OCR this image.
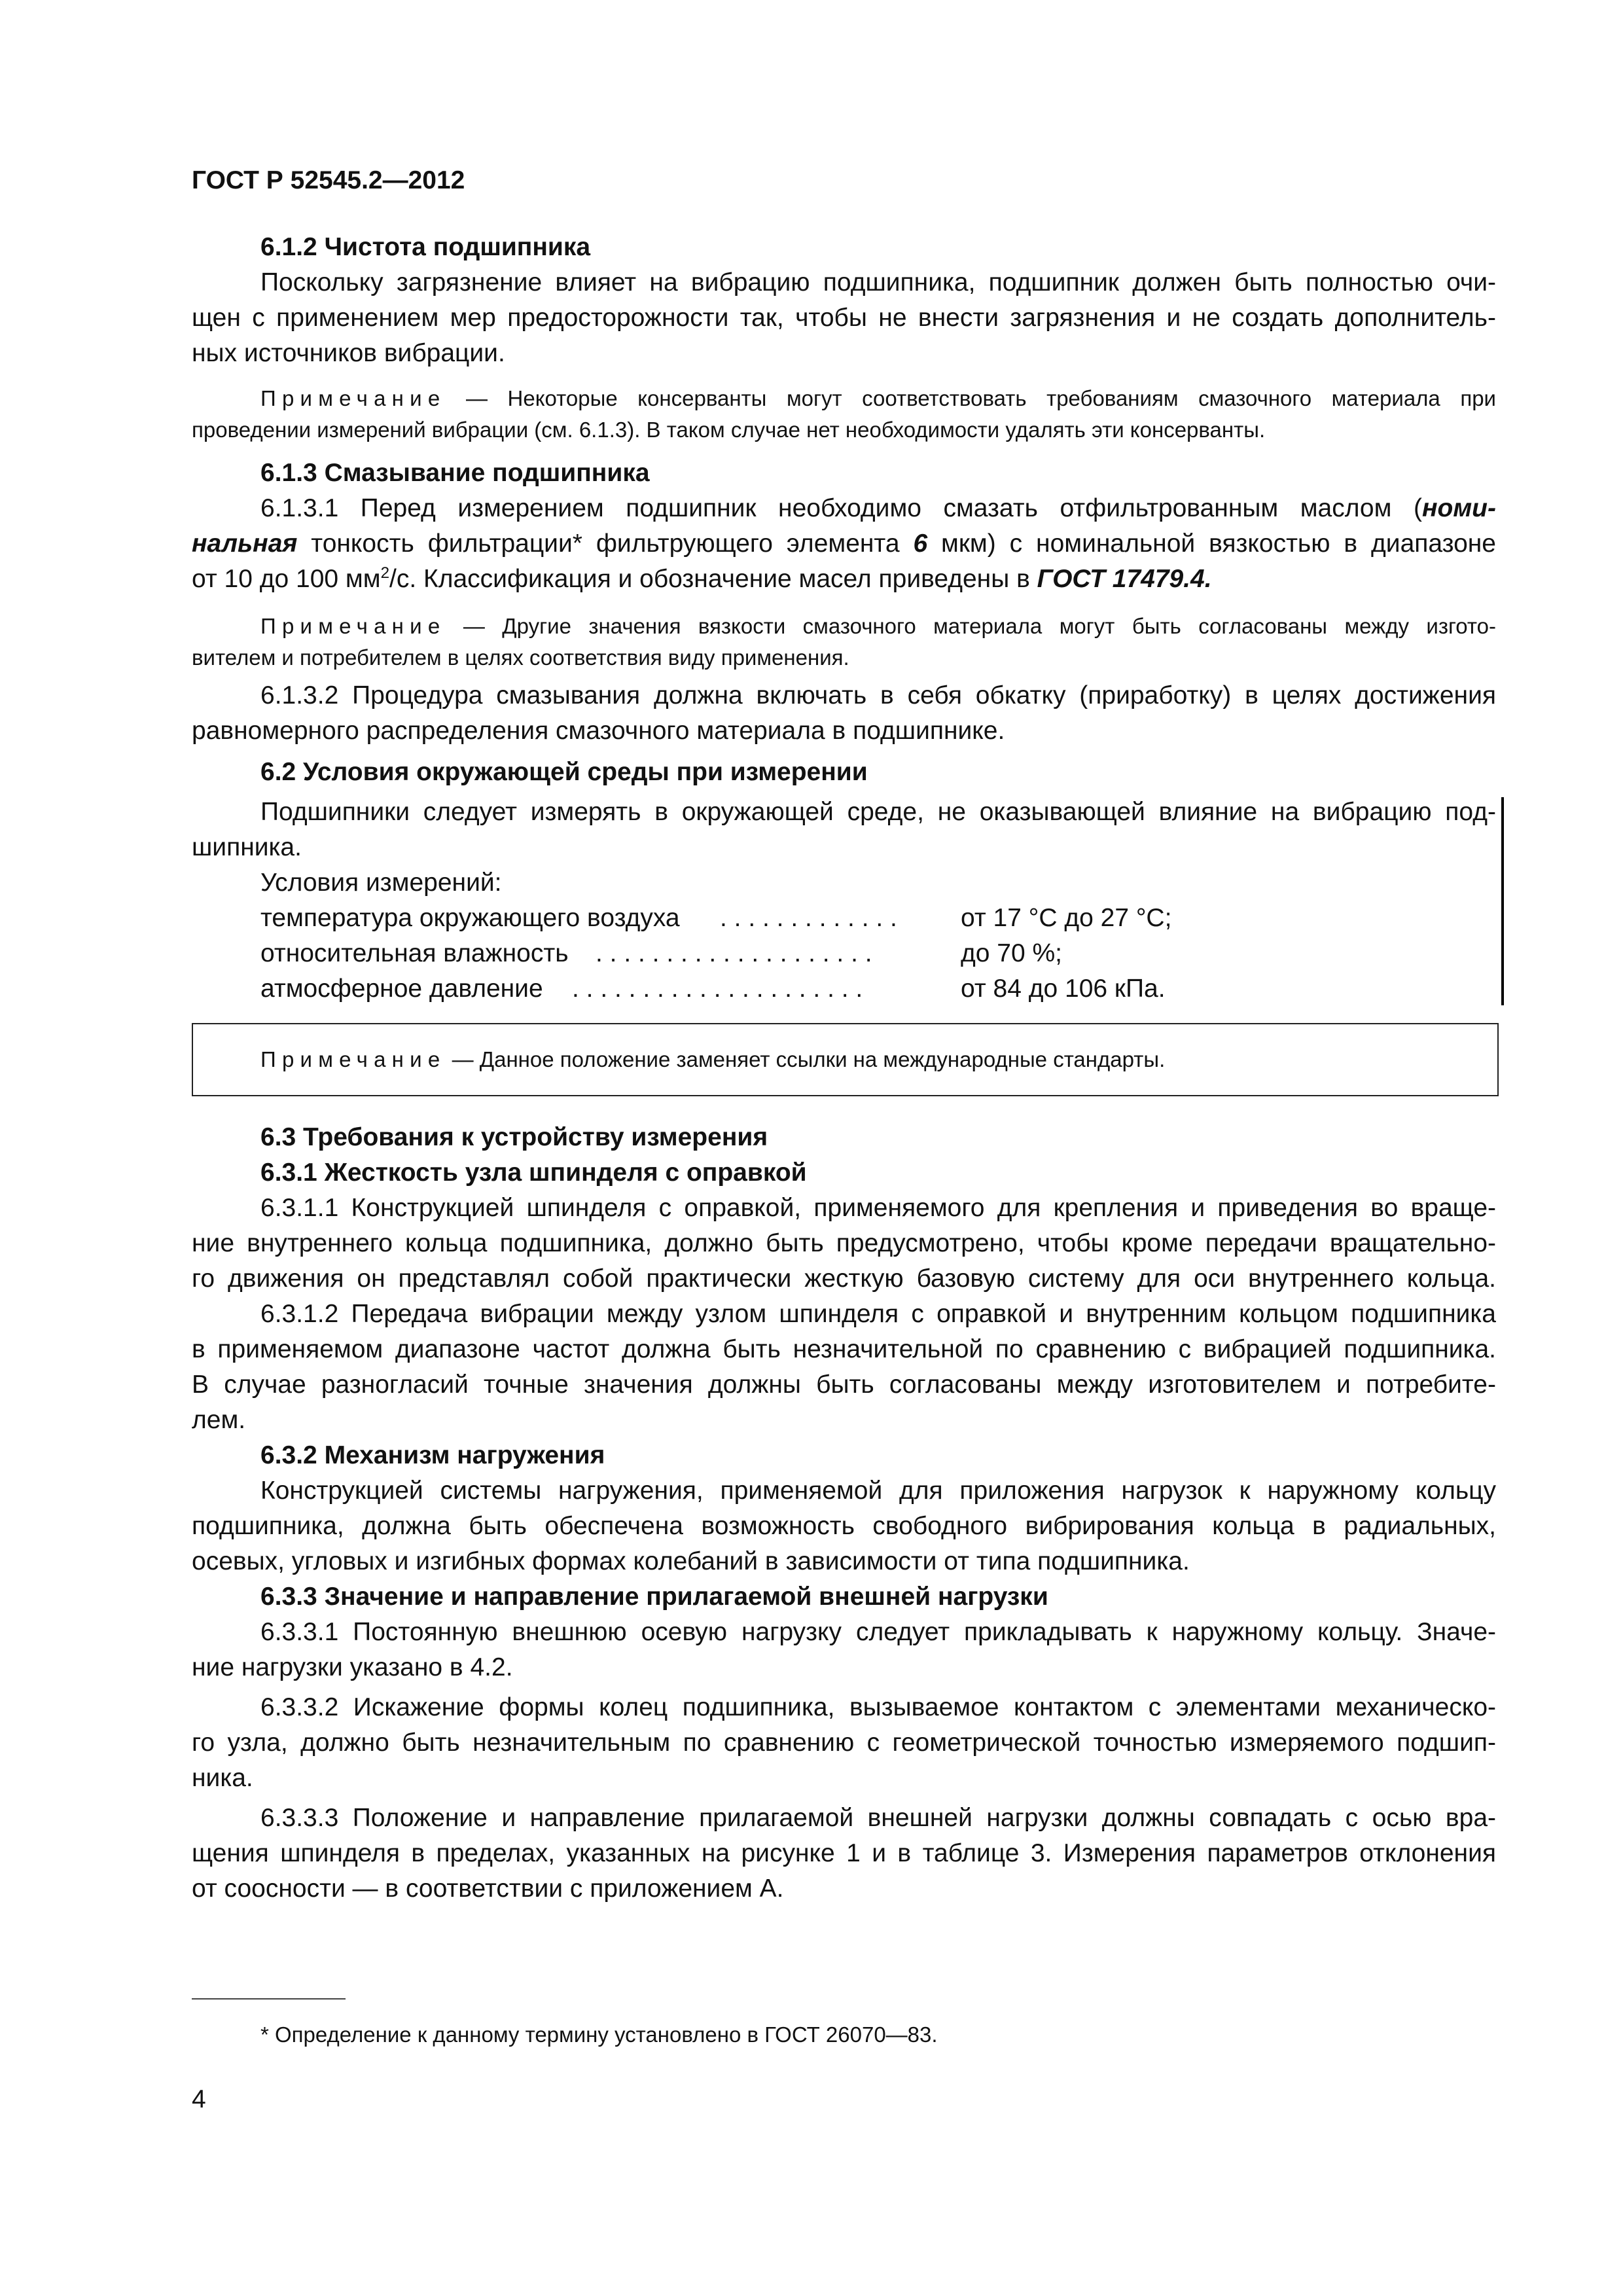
ГОСТ Р 52545.2—2012
6.1.2 Чистота подшипника
Поскольку загрязнение влияет на вибрацию подшипника, подшипник должен быть полностью очи-
щен с применением мер предосторожности так, чтобы не внести загрязнения и не создать дополнитель-
ных источников вибрации.
Примечание — Некоторые консерванты могут соответствовать требованиям смазочного материала при
проведении измерений вибрации (см. 6.1.3). В таком случае нет необходимости удалять эти консерванты.
6.1.3 Смазывание подшипника
6.1.3.1 Перед измерением подшипник необходимо смазать отфильтрованным маслом (номи-
нальная тонкость фильтрации* фильтрующего элемента 6 мкм) с номинальной вязкостью в диапазоне
от 10 до 100 $мм^2/с$. Классификация и обозначение масел приведены в ГОСТ 17479.4.
Примечание — Другие значения вязкости смазочного материала могут быть согласованы между изгото-
вителем и потребителем в целях соответствия виду применения.
6.1.3.2 Процедура смазывания должна включать в себя обкатку (приработку) в целях достижения
равномерного распределения смазочного материала в подшипнике.
6.2 Условия окружающей среды при измерении
Подшипники следует измерять в окружающей среде, не оказывающей влияние на вибрацию под-
шипника.
Условия измерений:
температура окружающего воздуха . . . . . . . . . . . . .	от 17 °С до 27 °С;
относительная влажность . . . . . . . . . . . . . . . . . . . .	до 70 %;
атмосферное давление . . . . . . . . . . . . . . . . . . . . .	от 84 до 106 кПа.
Примечание — Данное положение заменяет ссылки на международные стандарты.
6.3 Требования к устройству измерения
6.3.1 Жесткость узла шпинделя с оправкой
6.3.1.1 Конструкцией шпинделя с оправкой, применяемого для крепления и приведения во враще-
ние внутреннего кольца подшипника, должно быть предусмотрено, чтобы кроме передачи вращательно-
го движения он представлял собой практически жесткую базовую систему для оси внутреннего кольца.
6.3.1.2 Передача вибрации между узлом шпинделя с оправкой и внутренним кольцом подшипника
в применяемом диапазоне частот должна быть незначительной по сравнению с вибрацией подшипника.
В случае разногласий точные значения должны быть согласованы между изготовителем и потребите-
лем.
6.3.2 Механизм нагружения
Конструкцией системы нагружения, применяемой для приложения нагрузок к наружному кольцу
подшипника, должна быть обеспечена возможность свободного вибрирования кольца в радиальных,
осевых, угловых и изгибных формах колебаний в зависимости от типа подшипника.
6.3.3 Значение и направление прилагаемой внешней нагрузки
6.3.3.1 Постоянную внешнюю осевую нагрузку следует прикладывать к наружному кольцу. Значе-
ние нагрузки указано в 4.2.
6.3.3.2 Искажение формы колец подшипника, вызываемое контактом с элементами механическо-
го узла, должно быть незначительным по сравнению с геометрической точностью измеряемого подшип-
ника.
6.3.3.3 Положение и направление прилагаемой внешней нагрузки должны совпадать с осью вра-
щения шпинделя в пределах, указанных на рисунке 1 и в таблице 3. Измерения параметров отклонения
от соосности — в соответствии с приложением А.
* Определение к данному термину установлено в ГОСТ 26070—83.
4
